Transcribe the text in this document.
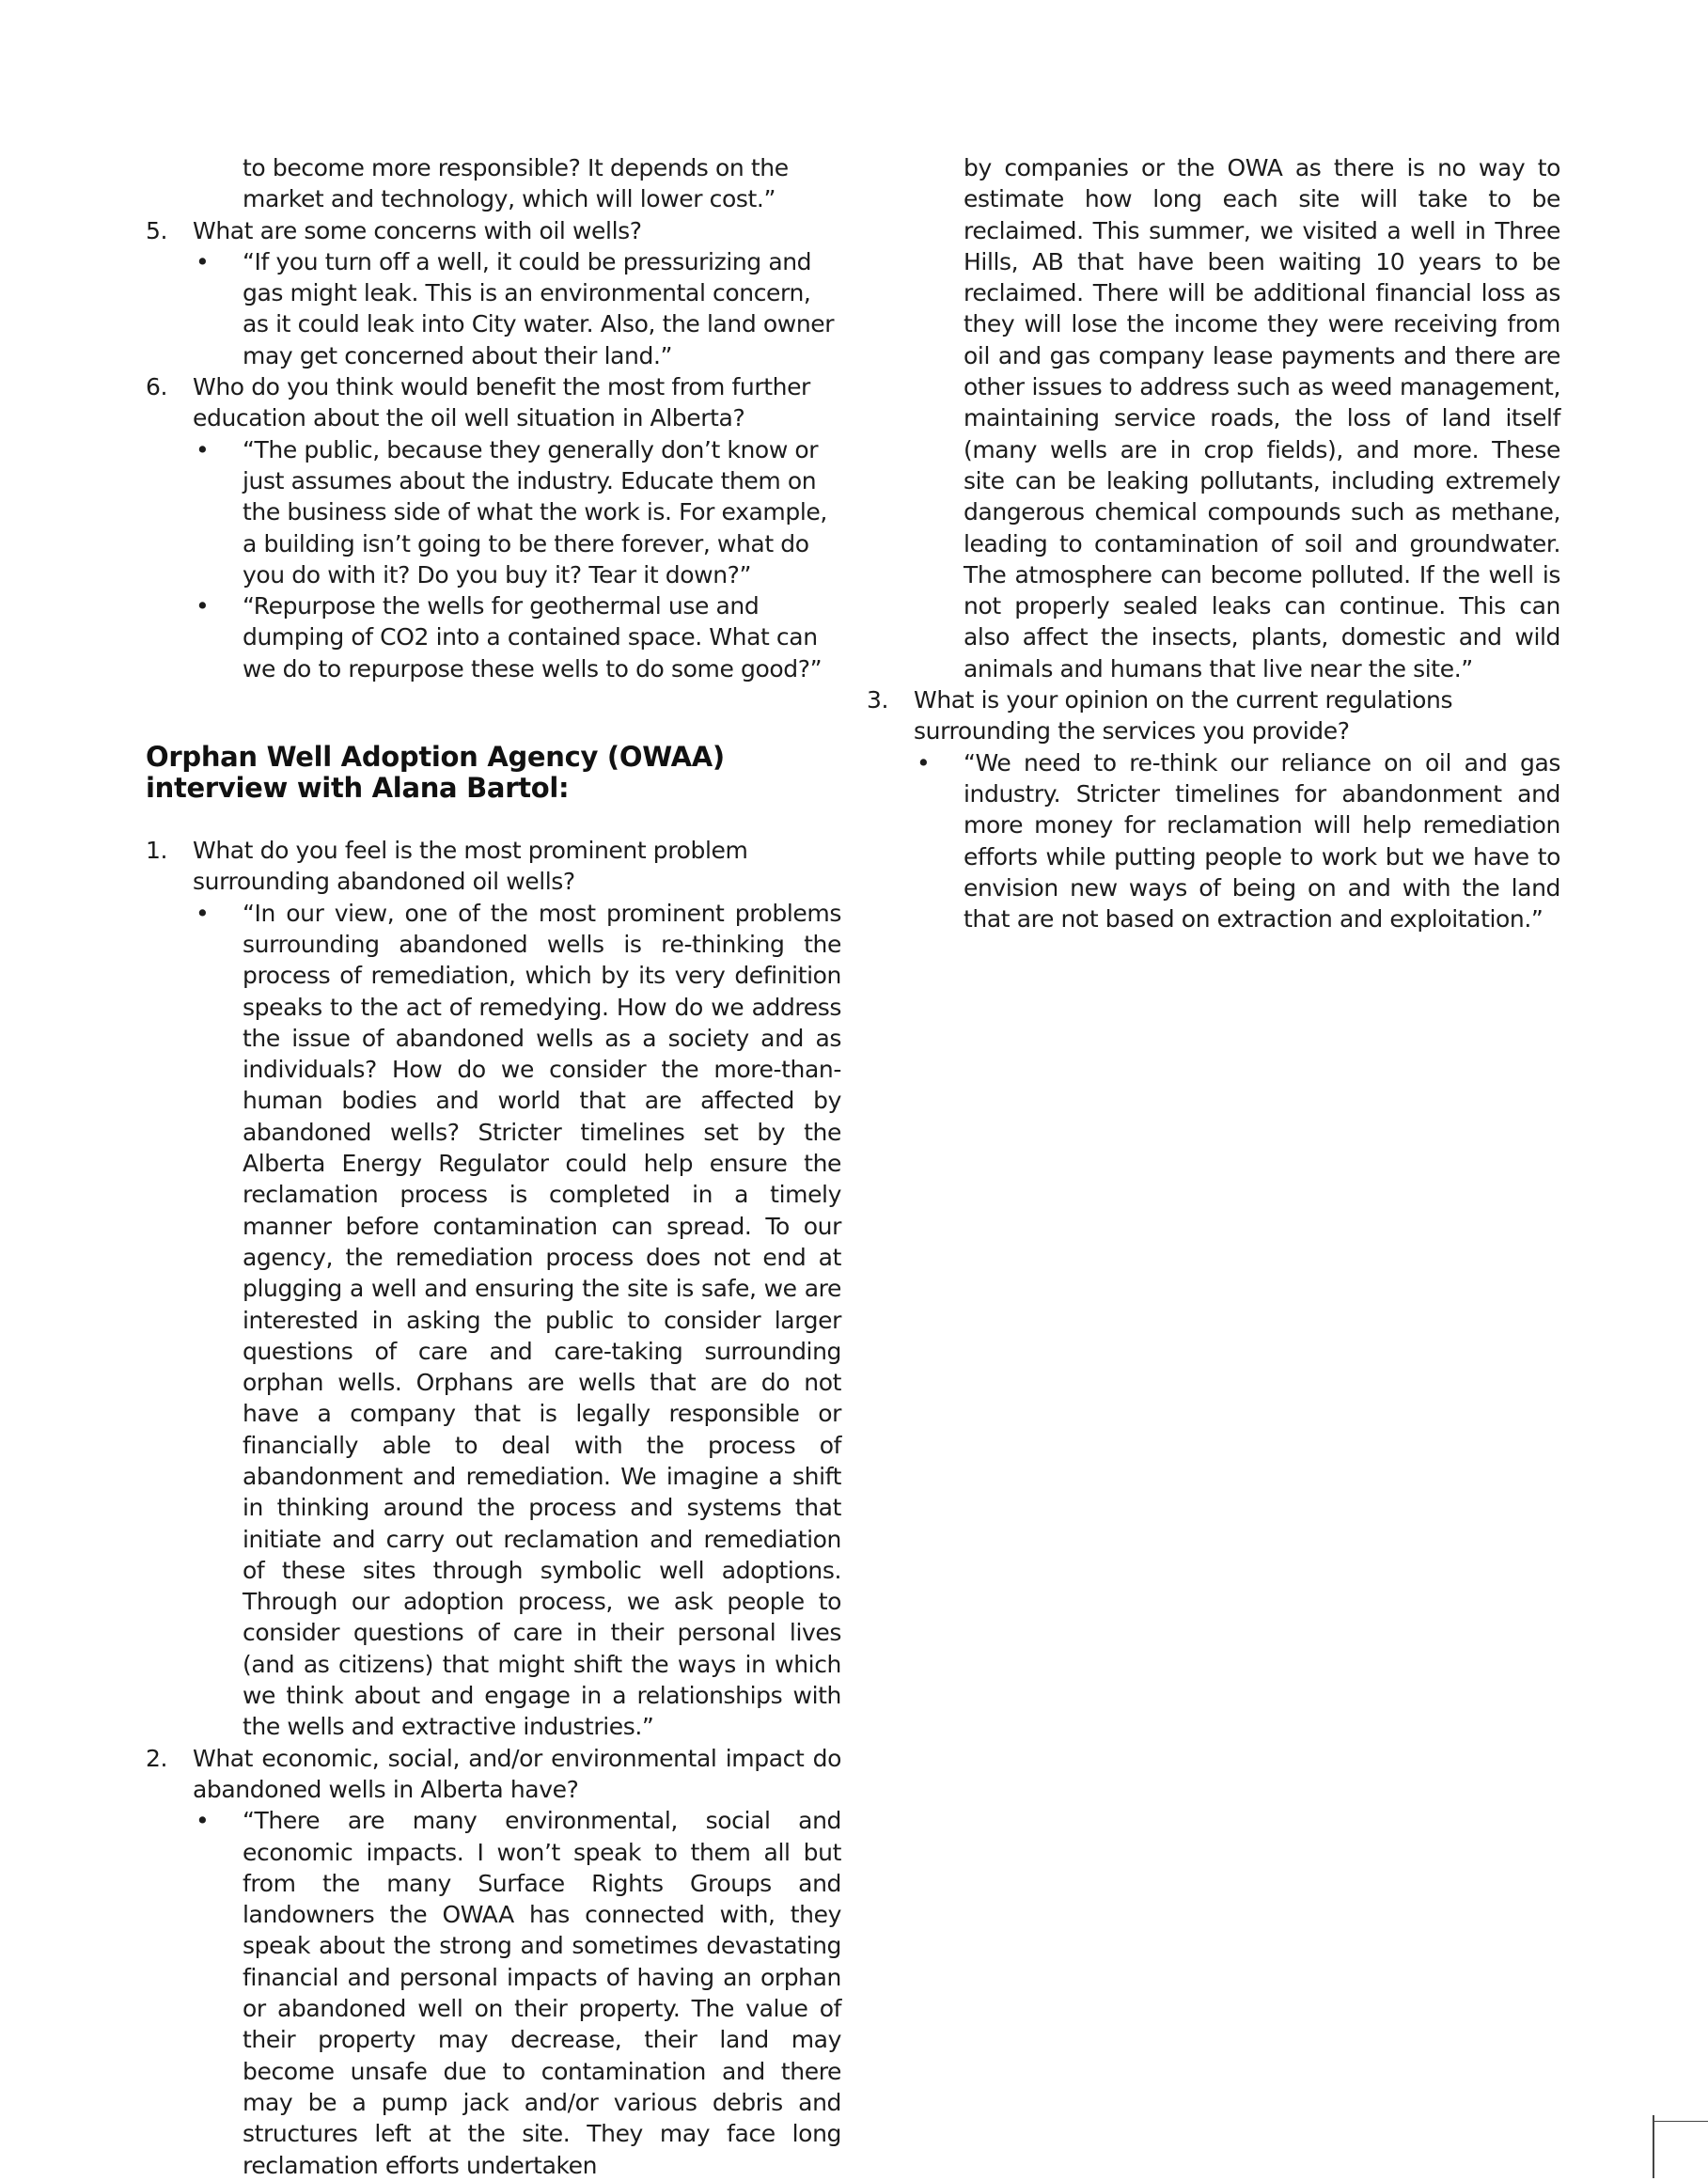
to become more responsible? It depends on the market and technology, which will lower cost.”
5.	What are some concerns with oil wells?
•	“If you turn off a well, it could be pressurizing and gas might leak. This is an environmental concern, as it could leak into City water. Also, the land owner may get concerned about their land.”
6.	Who do you think would benefit the most from further education about the oil well situation in Alberta?
•	“The public, because they generally don’t know or just assumes about the industry. Educate them on the business side of what the work is. For example, a building isn’t going to be there forever, what do you do with it? Do you buy it? Tear it down?”
•	“Repurpose the wells for geothermal use and dumping of CO2 into a contained space. What can we do to repurpose these wells to do some good?”
Orphan Well Adoption Agency (OWAA) interview with Alana Bartol:
1.	What do you feel is the most prominent problem surrounding abandoned oil wells?
•	“In our view, one of the most prominent problems surrounding abandoned wells is re-thinking the process of remediation, which by its very definition speaks to the act of remedying. How do we address the issue of abandoned wells as a society and as individuals? How do we consider the more-than-human bodies and world that are affected by abandoned wells? Stricter timelines set by the Alberta Energy Regulator could help ensure the reclamation process is completed in a timely manner before contamination can spread. To our agency, the remediation process does not end at plugging a well and ensuring the site is safe, we are interested in asking the public to consider larger questions of care and care-taking surrounding orphan wells. Orphans are wells that are do not have a company that is legally responsible or financially able to deal with the process of abandonment and remediation. We imagine a shift in thinking around the process and systems that initiate and carry out reclamation and remediation of these sites through symbolic well adoptions. Through our adoption process, we ask people to consider questions of care in their personal lives (and as citizens) that might shift the ways in which we think about and engage in a relationships with the wells and extractive industries.”
2.	What economic, social, and/or environmental impact do abandoned wells in Alberta have?
•	“There are many environmental, social and economic impacts. I won’t speak to them all but from the many Surface Rights Groups and landowners the OWAA has connected with, they speak about the strong and sometimes devastating financial and personal impacts of having an orphan or abandoned well on their property. The value of their property may decrease, their land may become unsafe due to contamination and there may be a pump jack and/or various debris and structures left at the site. They may face long reclamation efforts undertaken
by companies or the OWA as there is no way to estimate how long each site will take to be reclaimed. This summer, we visited a well in Three Hills, AB that have been waiting 10 years to be reclaimed. There will be additional financial loss as they will lose the income they were receiving from oil and gas company lease payments and there are other issues to address such as weed management, maintaining service roads, the loss of land itself (many wells are in crop fields), and more. These site can be leaking pollutants, including extremely dangerous chemical compounds such as methane, leading to contamination of soil and groundwater. The atmosphere can become polluted. If the well is not properly sealed leaks can continue. This can also affect the insects, plants, domestic and wild animals and humans that live near the site.”
3.	What is your opinion on the current regulations surrounding the services you provide?
•	“We need to re-think our reliance on oil and gas industry. Stricter timelines for abandonment and more money for reclamation will help remediation efforts while putting people to work but we have to envision new ways of being on and with the land that are not based on extraction and exploitation.”
